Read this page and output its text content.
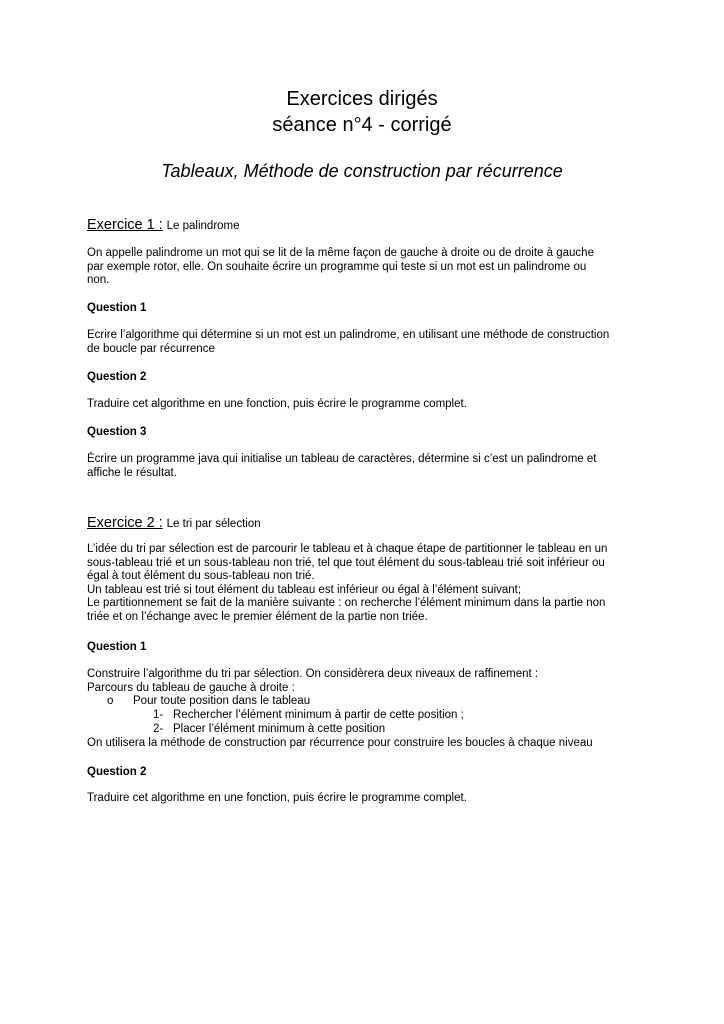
Exercices dirigés
séance n°4 - corrigé
Tableaux, Méthode de construction par récurrence
Exercice 1 : Le palindrome
On appelle palindrome un mot qui se lit de la même façon de gauche à droite ou de droite à gauche
par exemple rotor, elle. On souhaite écrire un programme qui teste si un mot est un palindrome ou
non.
Question 1
Ecrire l’algorithme qui détermine si un mot est un palindrome, en utilisant une méthode de construction
de boucle par récurrence
Question 2
Traduire cet algorithme en une fonction, puis écrire le programme complet.
Question 3
Écrire un programme java qui initialise un tableau de caractères, détermine si c’est un palindrome et
affiche le résultat.
Exercice 2 : Le tri par sélection
L’idée du tri par sélection est de parcourir le tableau et à chaque étape de partitionner le tableau en un
sous-tableau trié et un sous-tableau non trié, tel que tout élément du sous-tableau trié soit inférieur ou
égal à tout élément du sous-tableau non trié.
Un tableau est trié si tout élément du tableau est inférieur ou égal à l’élément suivant;
Le partitionnement se fait de la manière suivante : on recherche l’élément minimum dans la partie non
triée et on l’échange avec le premier élément de la partie non triée.
Question 1
Construire l’algorithme du tri par sélection. On considèrera deux niveaux de raffinement :
Parcours du tableau de gauche à droite :
o Pour toute position dans le tableau
1- Rechercher l’élément minimum à partir de cette position ;
2- Placer l’élément minimum à cette position
On utilisera la méthode de construction par récurrence pour construire les boucles à chaque niveau
Question 2
Traduire cet algorithme en une fonction, puis écrire le programme complet.
